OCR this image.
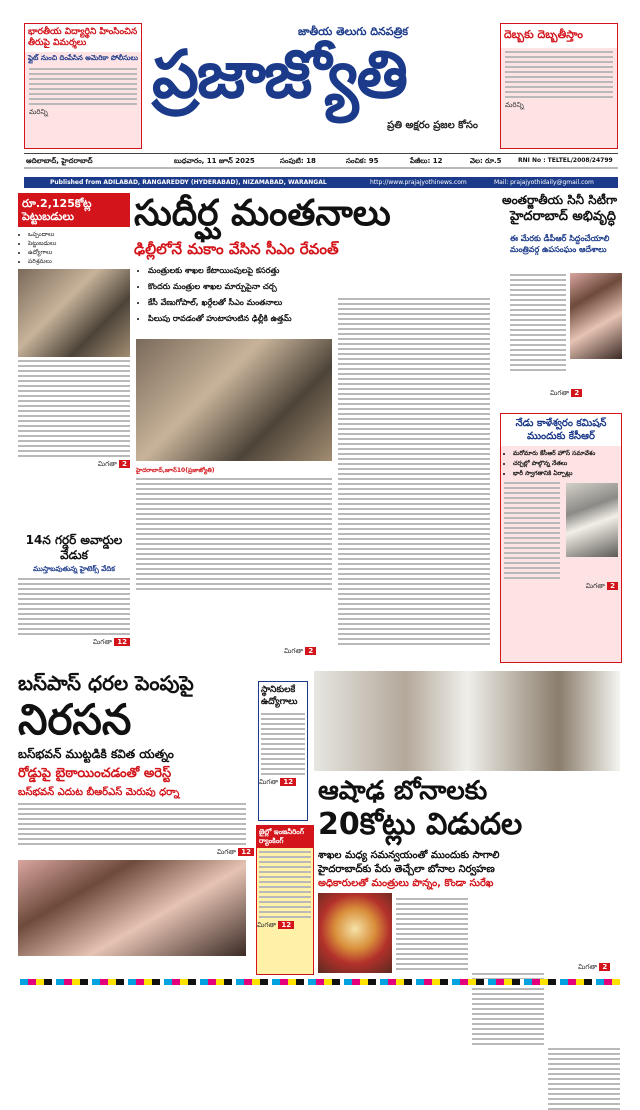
భారతీయ విద్యార్థిని హింసించిన తీరుపై విమర్శలు
ఫ్లైట్ నుంచి దింపేసిన అమెరికా పోలీసులు
మరిన్ని
జాతీయ తెలుగు దినపత్రిక
ప్రజాజ్యోతి
ప్రతి అక్షరం ప్రజల కోసం
దెబ్బకు దెబ్బతీస్తాం
మరిన్ని
ఆదిలాబాద్, హైదరాబాద్	బుధవారం, 11 జూన్ 2025	సంపుటి: 18	సంచిక: 95	పేజీలు: 12	వెల: రూ.5	RNI No : TELTEL/2008/24799
Published from ADILABAD, RANGAREDDY (HYDERABAD), NIZAMABAD, WARANGAL	http://www.prajajyothinews.com	Mail: prajajyothidaily@gmail.com
రూ.2,125కోట్ల పెట్టుబడులు
• ఒప్పందాలు
• పెట్టుబడులు
• ఉద్యోగాలు
• పరిశ్రమలు
మిగతా 2
14న గర్డర్ అవార్డుల వేడుక
ముస్తాబవుతున్న హైటెక్స్ వేదిక
మిగతా 12
సుదీర్ఘ మంతనాలు
ఢిల్లీలోనే మకాం వేసిన సీఎం రేవంత్
• మంత్రులకు శాఖల కేటాయింపులపై కసరత్తు
• కొందరు మంత్రుల శాఖల మార్పుపైనా చర్చ
• కేసీ వేణుగోపాల్, ఖర్గేలతో సీఎం మంతనాలు
• పిలుపు రావడంతో హుటాహుటిన ఢిల్లీకి ఉత్తమ్
హైదరాబాద్,జూన్10(ప్రజాజ్యోతి)
మిగతా 2
అంతర్జాతీయ సినీ సిటీగా
హైదరాబాద్ అభివృద్ధి
ఈ మేరకు డీపీఆర్ సిద్దంచేయాలి మంత్రివర్గ ఉపసంఘం ఆదేశాలు
మిగతా 2
నేడు కాళేశ్వరం కమిషన్ ముందుకు కేసీఆర్
• మరోమారు కేసీఆర్ హౌస్ సమావేశం
• చర్చల్లో పాల్గొన్న నేతలు
• భారీ స్వాగతానికి ఏర్పాట్లు
మిగతా 2
బస్‌పాస్ ధరల పెంపుపై
నిరసన
బస్‌భవన్ ముట్టడికి కవిత యత్నం
రోడ్డుపై బైఠాయించడంతో అరెస్ట్
బస్‌భవన్ ఎదుట బీఆర్‌ఎస్ మెరుపు ధర్నా
మిగతా 12
స్థానికులకే ఉద్యోగాలు
మిగతా 12
జైల్లో ఇంజనీరింగ్ ర్యాంకింగ్
మిగతా 12
ఆషాఢ బోనాలకు
20కోట్లు విడుదల
శాఖల మధ్య సమన్వయంతో ముందుకు సాగాలి
హైదరాబాద్‌కు పేరు తెచ్చేలా బోనాల నిర్వహణ
అధికారులతో మంత్రులు పొన్నం, కొండా సురేఖ
మిగతా 2
